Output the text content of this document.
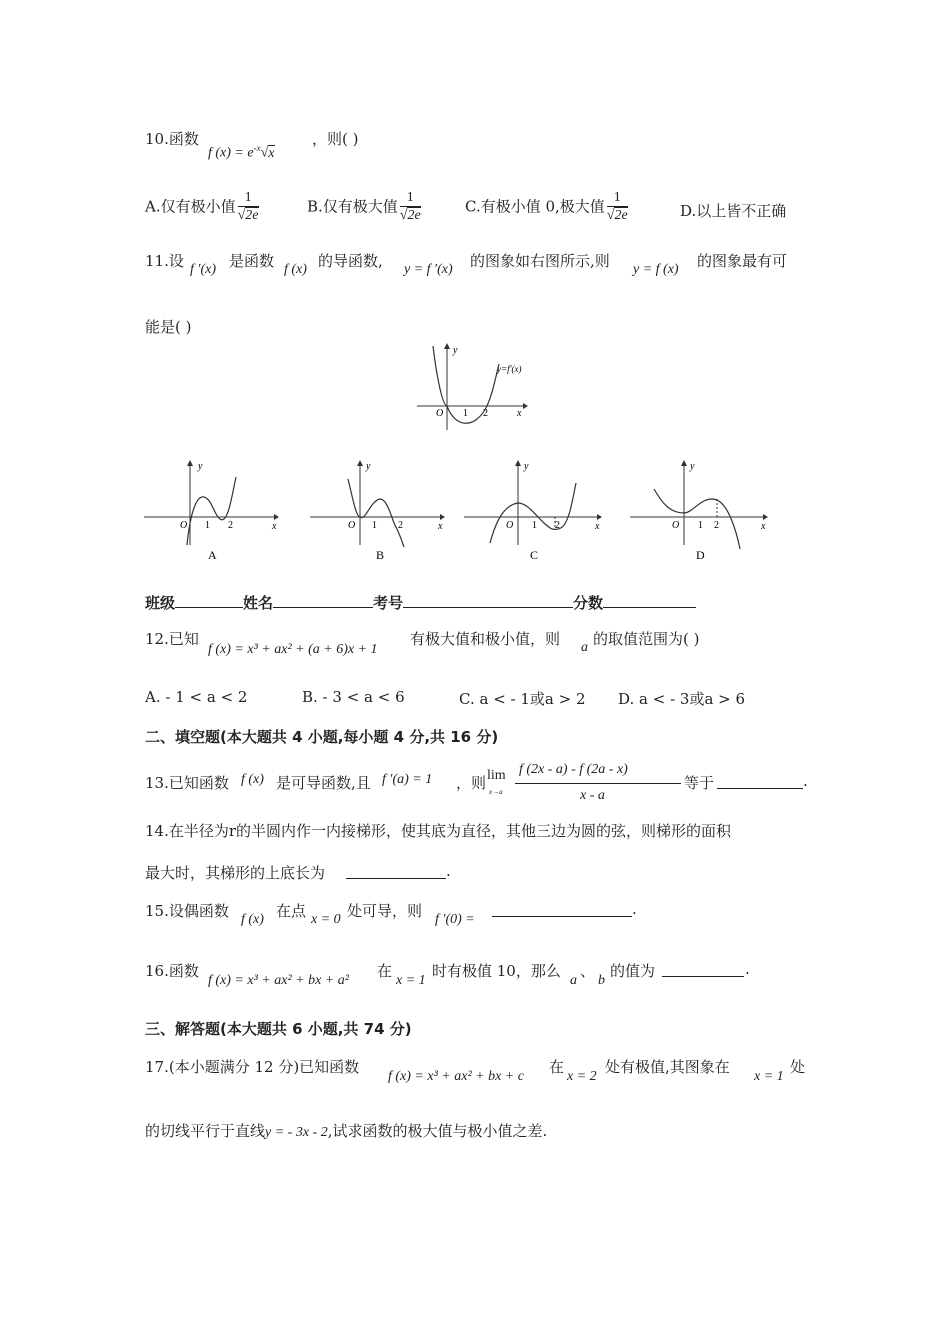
10.函数
f $(x) = e^{-x}√x$
，则( )
A.仅有极小值 $\frac{1}{√2e}$	B.仅有极大值 $\frac{1}{√2e}$	C.有极小值 0,极大值 $\frac{1}{√2e}$	D.以上皆不正确
11.设 f ′(x) 是函数 f (x) 的导函数, y = f ′(x) 的图象如右图所示,则 y = f (x) 的图象最有可
能是( )
y
x
O 1 2
y=f′(x)
y
x
O 1 2
A
y
x
O 1 2
B
y
x
O 1 2
C
y
x
O 1 2
D
班级	姓名	考号	分数
12.已知
f (x) = x³ + ax² + (a + 6)x + 1
有极大值和极小值，则 a 的取值范围为( )
A. - 1 < a < 2	B. - 3 < a < 6	C. a < - 1或a > 2 D. a < - 3或a > 6
二、填空题(本大题共 4 小题,每小题 4 分,共 16 分)
13.已知函数 f (x) 是可导函数,且 f ′(a) = 1 ，则 lim
x→a
f (2x - a) - f (2a - x)
x - a
等于	.
14.在半径为r的半圆内作一内接梯形，使其底为直径，其他三边为圆的弦，则梯形的面积
最大时，其梯形的上底长为	.
15.设偶函数 f (x) 在点 x = 0 处可导，则 f ′(0) =
.
16.函数
f (x) = x³ + ax² + bx + a²
在
x = 1
时有极值 10，那么
a
、
b
的值为	.
三、解答题(本大题共 6 小题,共 74 分)
17.(本小题满分 12 分)已知函数
f (x) = x³ + ax² + bx + c
在
x = 2
处有极值,其图象在
x = 1
处
的切线平行于直线y = - 3x - 2,试求函数的极大值与极小值之差.
